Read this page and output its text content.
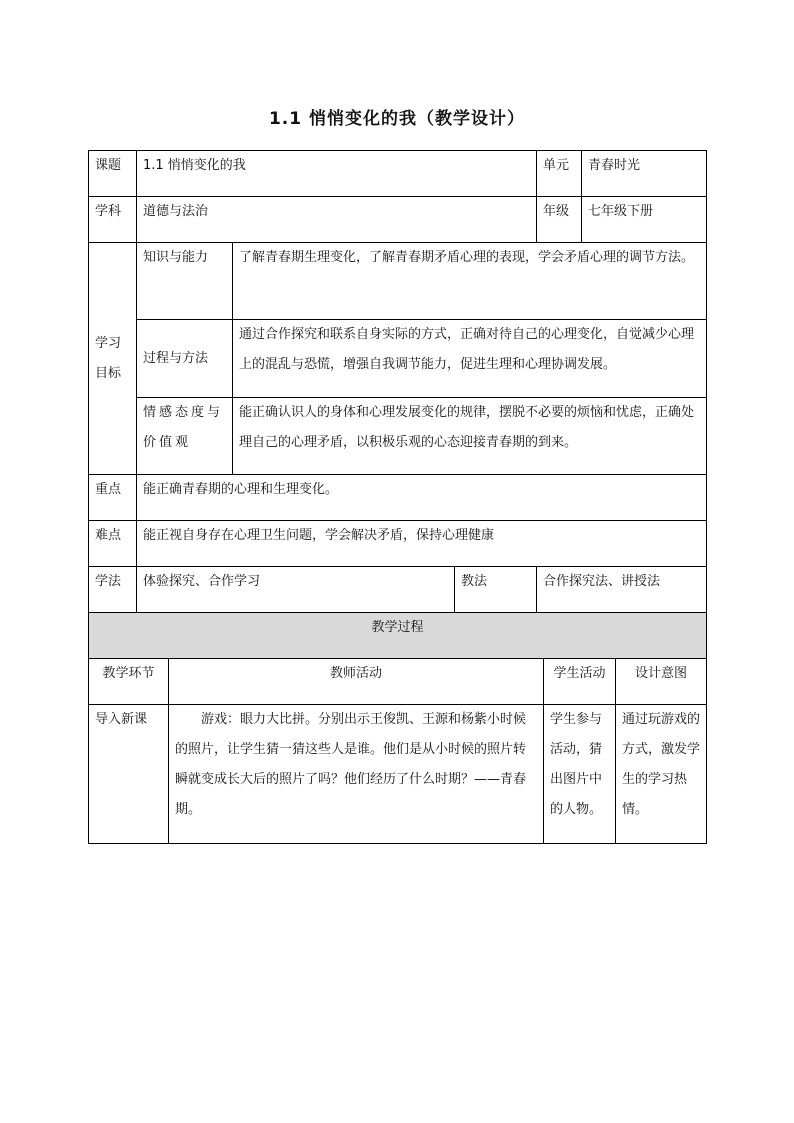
1.1 悄悄变化的我（教学设计）
课题	1.1 悄悄变化的我			单元	青春时光
学科	道德与法治			年级	七年级下册

学习
目标	知识与能力	了解青春期生理变化，了解青春期矛盾心理的表现，学会矛盾心理的调节方法。			
	过程与方法	通过合作探究和联系自身实际的方式，正确对待自己的心理变化，自觉减少心理上的混乱与恐慌，增强自我调节能力，促进生理和心理协调发展。			
	情感态度与价值观	能正确认识人的身体和心理发展变化的规律，摆脱不必要的烦恼和忧虑，正确处理自己的心理矛盾，以积极乐观的心态迎接青春期的到来。			
重点	能正确青春期的心理和生理变化。				
难点	能正视自身存在心理卫生问题，学会解决矛盾，保持心理健康				
学法	体验探究、合作学习		教法	合作探究法、讲授法	
教学过程			
教学环节	教师活动	学生活动	设计意图
导入新课	游戏：眼力大比拼。分别出示王俊凯、王源和杨紫小时候的照片，让学生猜一猜这些人是谁。他们是从小时候的照片转瞬就变成长大后的照片了吗？他们经历了什么时期？——青春期。	学生参与活动，猜出图片中的人物。	通过玩游戏的方式，激发学生的学习热情。
